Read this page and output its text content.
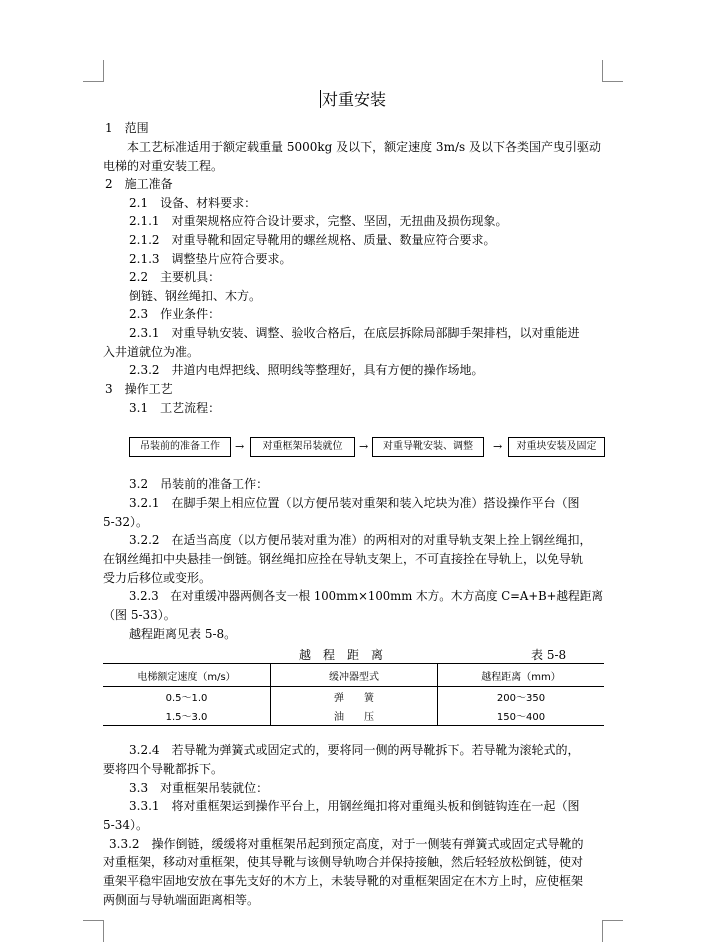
对重安装
1　范围
本工艺标准适用于额定载重量 5000kg 及以下，额定速度 3m/s 及以下各类国产曳引驱动
电梯的对重安装工程。
2　施工准备
2.1　设备、材料要求：
2.1.1　对重架规格应符合设计要求，完整、坚固，无扭曲及损伤现象。
2.1.2　对重导靴和固定导靴用的螺丝规格、质量、数量应符合要求。
2.1.3　调整垫片应符合要求。
2.2　主要机具：
倒链、钢丝绳扣、木方。
2.3　作业条件：
2.3.1　对重导轨安装、调整、验收合格后，在底层拆除局部脚手架排档，以对重能进
入井道就位为准。
2.3.2　井道内电焊把线、照明线等整理好，具有方便的操作场地。
3　操作工艺
3.1　工艺流程：
吊装前的准备工作	→	对重框架吊装就位	→	对重导靴安装、调整	→	对重块安装及固定
3.2　吊装前的准备工作：
3.2.1　在脚手架上相应位置（以方便吊装对重架和装入坨块为准）搭设操作平台（图
5-32）。
3.2.2　在适当高度（以方便吊装对重为准）的两相对的对重导轨支架上拴上钢丝绳扣，
在钢丝绳扣中央悬挂一倒链。钢丝绳扣应拴在导轨支架上，不可直接拴在导轨上，以免导轨
受力后移位或变形。
3.2.3　在对重缓冲器两侧各支一根 100mm×100mm 木方。木方高度 C=A+B+越程距离
（图 5-33）。
越程距离见表 5-8。
越　程　距　离	表 5-8
电梯额定速度（m/s）	缓冲器型式	越程距离（mm）
0.5～1.0	弹　　簧	200～350
1.5～3.0	油　　压	150～400
3.2.4　若导靴为弹簧式或固定式的，要将同一侧的两导靴拆下。若导靴为滚轮式的，
要将四个导靴都拆下。
3.3　对重框架吊装就位：
3.3.1　将对重框架运到操作平台上，用钢丝绳扣将对重绳头板和倒链钩连在一起（图
5-34）。
3.3.2　操作倒链，缓缓将对重框架吊起到预定高度，对于一侧装有弹簧式或固定式导靴的
对重框架，移动对重框架，使其导靴与该侧导轨吻合并保持接触，然后轻轻放松倒链，使对
重架平稳牢固地安放在事先支好的木方上，未装导靴的对重框架固定在木方上时，应使框架
两侧面与导轨端面距离相等。
